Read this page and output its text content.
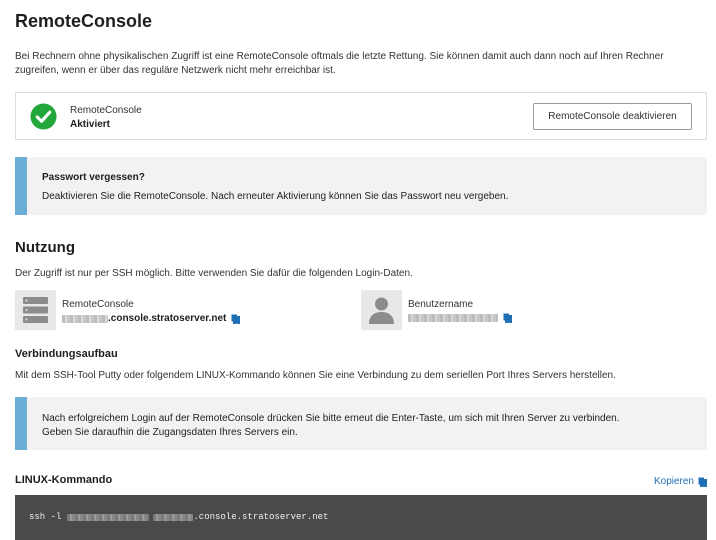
RemoteConsole

Bei Rechnern ohne physikalischen Zugriff ist eine RemoteConsole oftmals die letzte Rettung. Sie können damit auch dann noch auf Ihren Rechner zugreifen, wenn er über das reguläre Netzwerk nicht mehr erreichbar ist.

RemoteConsole
Aktiviert
RemoteConsole deaktivieren
Passwort vergessen?
Deaktivieren Sie die RemoteConsole. Nach erneuter Aktivierung können Sie das Passwort neu vergeben.
Nutzung

Der Zugriff ist nur per SSH möglich. Bitte verwenden Sie dafür die folgenden Login-Daten.

RemoteConsole
.console.stratoserver.net
Benutzername
Verbindungsaufbau

Mit dem SSH-Tool Putty oder folgendem LINUX-Kommando können Sie eine Verbindung zu dem seriellen Port Ihres Servers herstellen.

Nach erfolgreichem Login auf der RemoteConsole drücken Sie bitte erneut die Enter-Taste, um sich mit Ihren Server zu verbinden.
Geben Sie daraufhin die Zugangsdaten Ihres Servers ein.
LINUX-Kommando	Kopieren
ssh -l	.console.stratoserver.net
